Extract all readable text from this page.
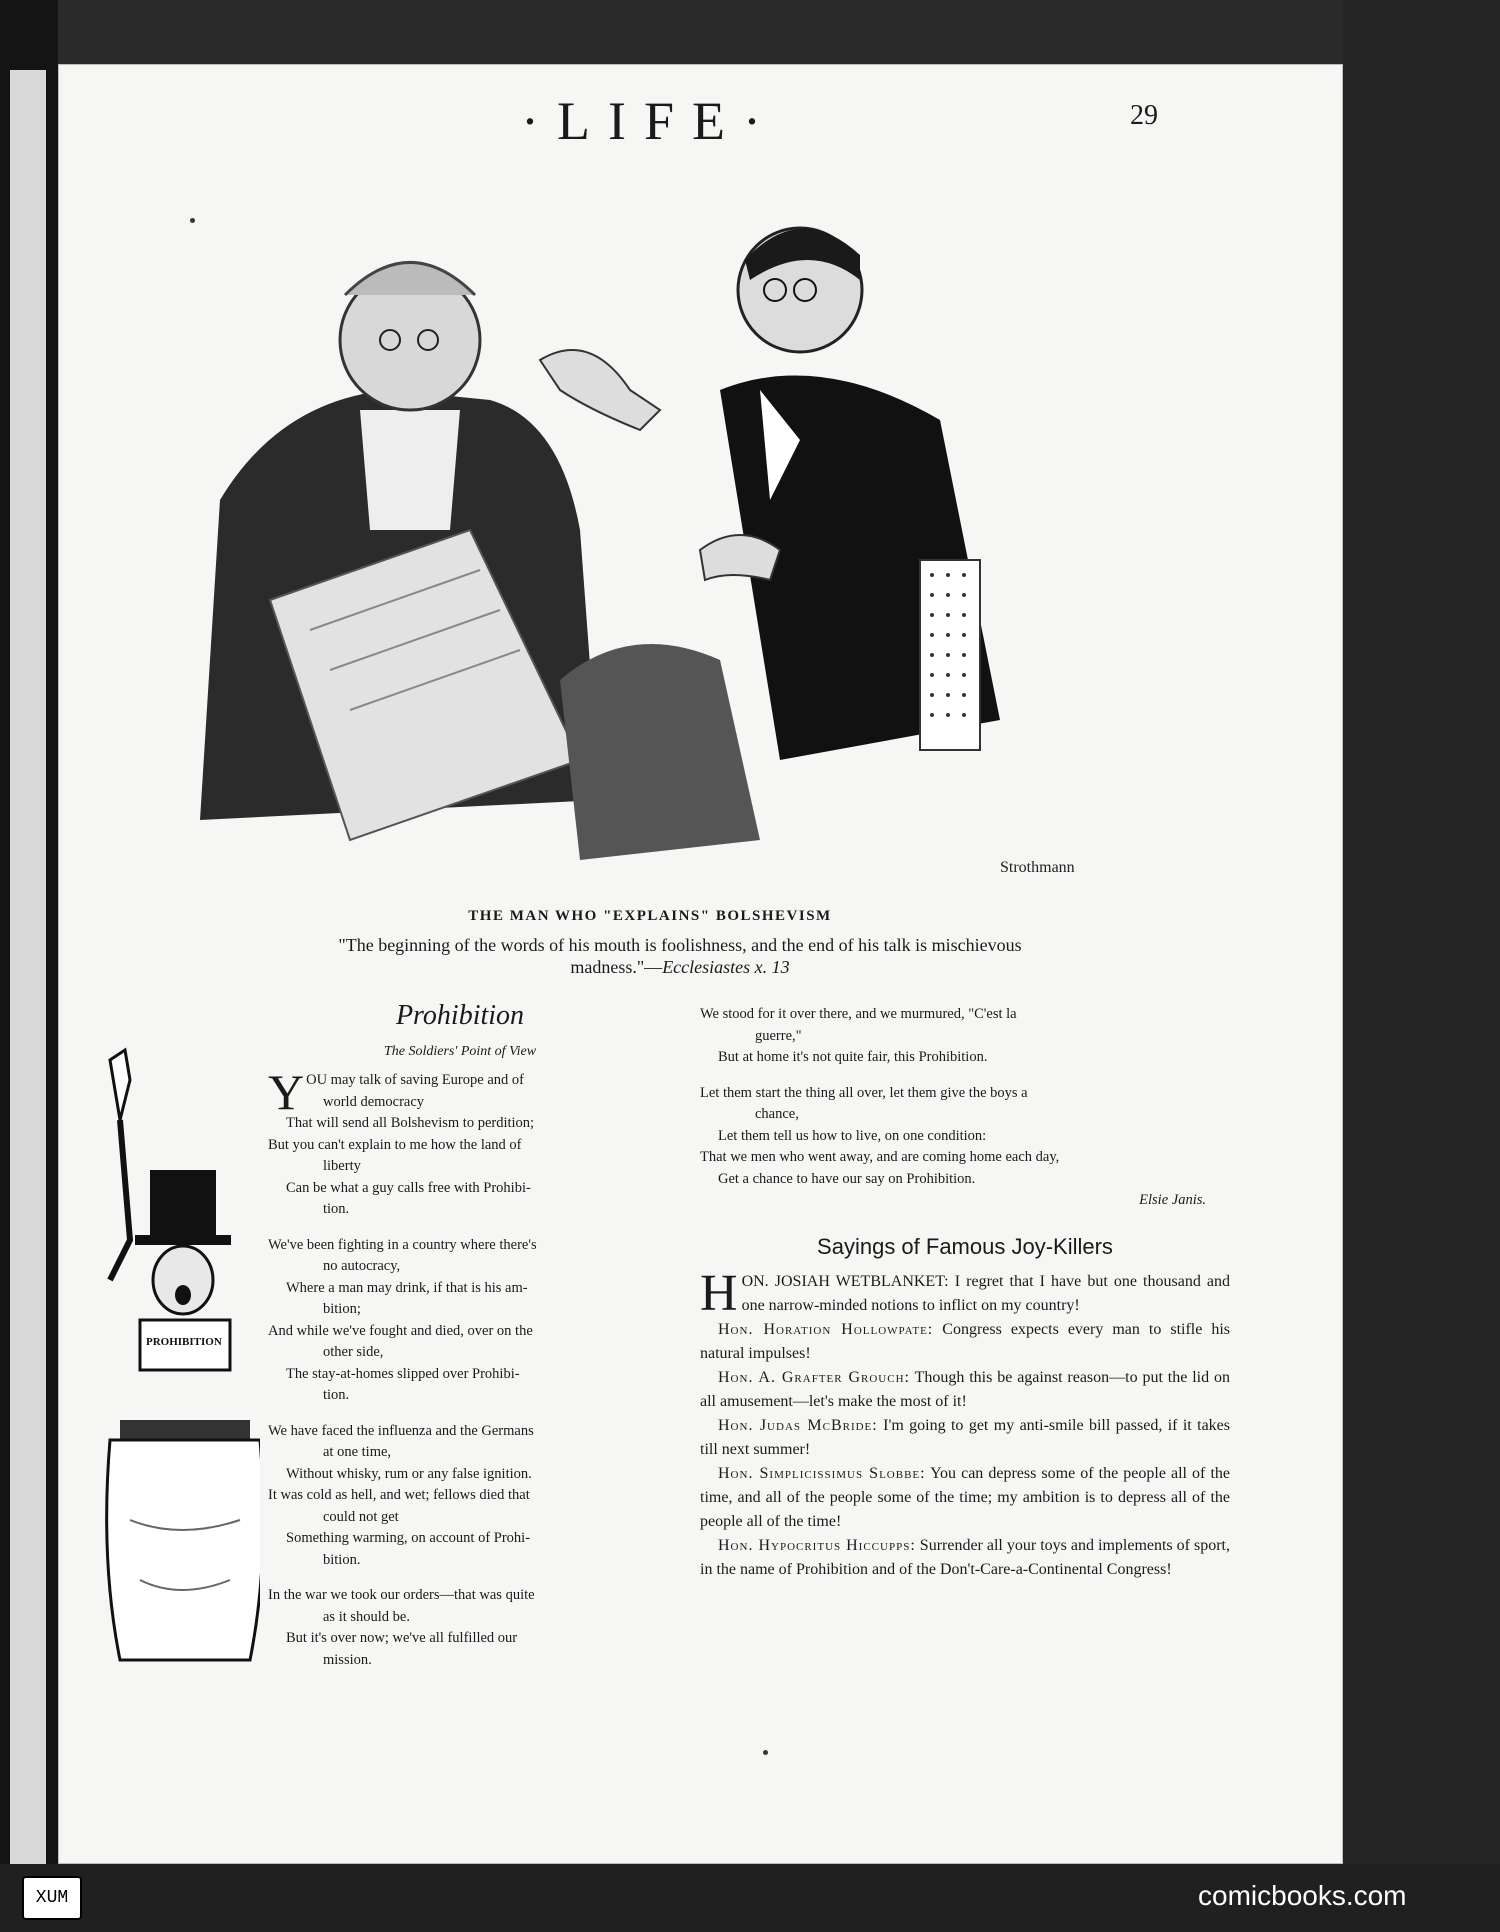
·LIFE·	29
Strothmann
THE MAN WHO "EXPLAINS" BOLSHEVISM
"The beginning of the words of his mouth is foolishness, and the end of his talk is mischievous madness."—Ecclesiastes x. 13
Prohibition
The Soldiers' Point of View
YOU may talk of saving Europe and of
world democracy
That will send all Bolshevism to perdition;
But you can't explain to me how the land of
liberty
Can be what a guy calls free with Prohibi-
tion.
We've been fighting in a country where there's
no autocracy,
Where a man may drink, if that is his am-
bition;
And while we've fought and died, over on the
other side,
The stay-at-homes slipped over Prohibi-
tion.
We have faced the influenza and the Germans
at one time,
Without whisky, rum or any false ignition.
It was cold as hell, and wet; fellows died that
could not get
Something warming, on account of Prohi-
bition.
In the war we took our orders—that was quite
as it should be.
But it's over now; we've all fulfilled our
mission.
We stood for it over there, and we murmured, "C'est la
guerre,"
But at home it's not quite fair, this Prohibition.
Let them start the thing all over, let them give the boys a
chance,
Let them tell us how to live, on one condition:
That we men who went away, and are coming home each day,
Get a chance to have our say on Prohibition.
Elsie Janis.
PROHIBITION
Sayings of Famous Joy-Killers

HON. JOSIAH WETBLANKET: I regret that I have but one thousand and one narrow-minded notions to inflict on my country!

Hon. Horation Hollowpate: Congress expects every man to stifle his natural impulses!

Hon. A. Grafter Grouch: Though this be against reason—to put the lid on all amusement—let's make the most of it!

Hon. Judas McBride: I'm going to get my anti-smile bill passed, if it takes till next summer!

Hon. Simplicissimus Slobbe: You can depress some of the people all of the time, and all of the people some of the time; my ambition is to depress all of the people all of the time!

Hon. Hypocritus Hiccupps: Surrender all your toys and implements of sport, in the name of Prohibition and of the Don't-Care-a-Continental Congress!

XUM	comicbooks.com
